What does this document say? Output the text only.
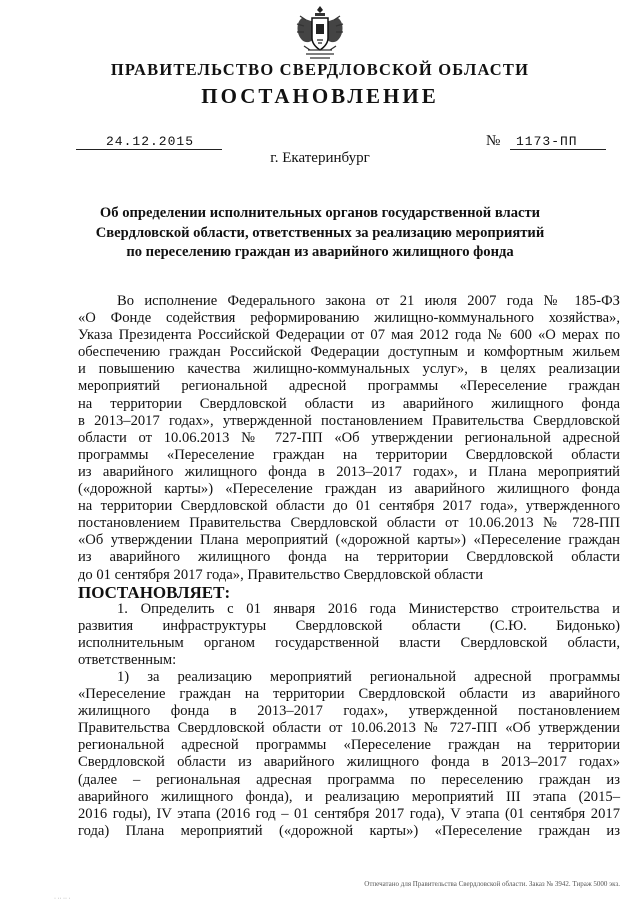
ПРАВИТЕЛЬСТВО СВЕРДЛОВСКОЙ ОБЛАСТИ
ПОСТАНОВЛЕНИЕ
24.12.2015	№	1173-ПП
г. Екатеринбург
Об определении исполнительных органов государственной власти
Свердловской области, ответственных за реализацию мероприятий
по переселению граждан из аварийного жилищного фонда
Во исполнение Федерального закона от 21 июля 2007 года № 185-ФЗ
«О Фонде содействия реформированию жилищно-коммунального хозяйства»,
Указа Президента Российской Федерации от 07 мая 2012 года № 600 «О мерах по
обеспечению граждан Российской Федерации доступным и комфортным жильем
и повышению качества жилищно-коммунальных услуг», в целях реализации
мероприятий региональной адресной программы «Переселение граждан
на территории Свердловской области из аварийного жилищного фонда
в 2013–2017 годах», утвержденной постановлением Правительства Свердловской
области от 10.06.2013 № 727-ПП «Об утверждении региональной адресной
программы «Переселение граждан на территории Свердловской области
из аварийного жилищного фонда в 2013–2017 годах», и Плана мероприятий
(«дорожной карты») «Переселение граждан из аварийного жилищного фонда
на территории Свердловской области до 01 сентября 2017 года», утвержденного
постановлением Правительства Свердловской области от 10.06.2013 № 728-ПП
«Об утверждении Плана мероприятий («дорожной карты») «Переселение граждан
из аварийного жилищного фонда на территории Свердловской области
до 01 сентября 2017 года», Правительство Свердловской области
ПОСТАНОВЛЯЕТ:
1. Определить с 01 января 2016 года Министерство строительства и
развития инфраструктуры Свердловской области (С.Ю. Бидонько)
исполнительным органом государственной власти Свердловской области,
ответственным:
1) за реализацию мероприятий региональной адресной программы
«Переселение граждан на территории Свердловской области из аварийного
жилищного фонда в 2013–2017 годах», утвержденной постановлением
Правительства Свердловской области от 10.06.2013 № 727-ПП «Об утверждении
региональной адресной программы «Переселение граждан на территории
Свердловской области из аварийного жилищного фонда в 2013–2017 годах»
(далее – региональная адресная программа по переселению граждан из
аварийного жилищного фонда), и реализацию мероприятий III этапа (2015–
2016 годы), IV этапа (2016 год – 01 сентября 2017 года), V этапа (01 сентября 2017
года) Плана мероприятий («дорожной карты») «Переселение граждан из
Отпечатано для Правительства Свердловской области. Заказ № 3942. Тираж 5000 экз.
· ·· ·· ·
